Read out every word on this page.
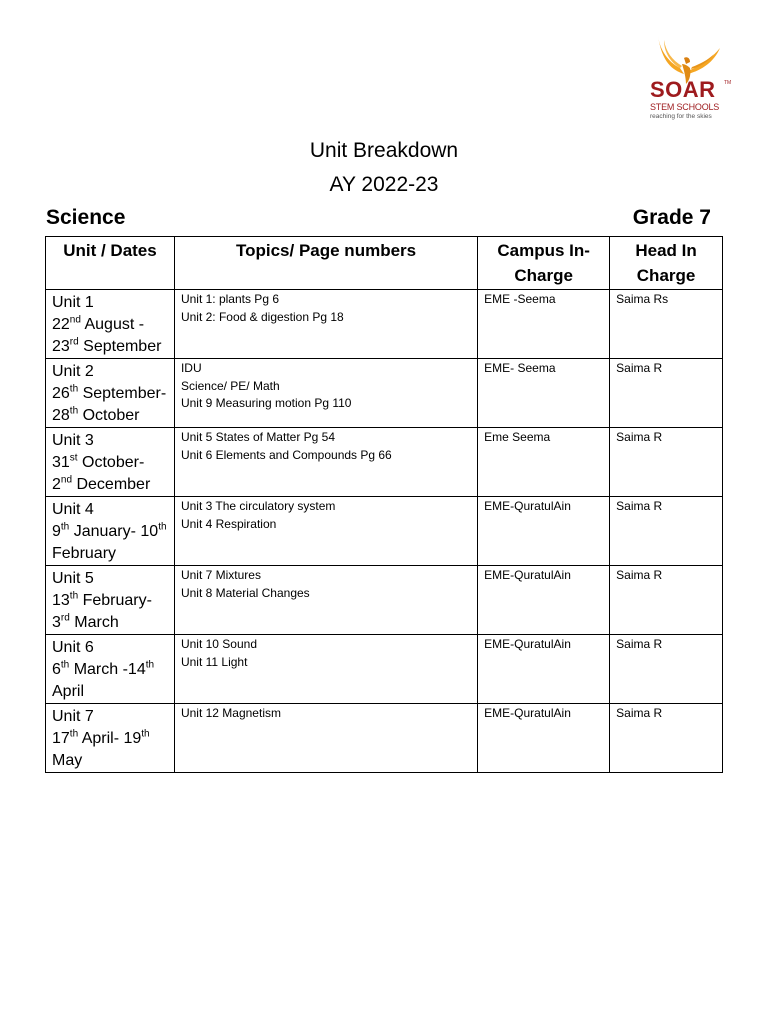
SOAR TM
STEM SCHOOLS
reaching for the skies
Unit Breakdown
AY 2022-23
Science	Grade 7
Unit / Dates	Topics/ Page numbers	Campus In-Charge	Head In Charge

Unit 1
22nd August -
23rd September	Unit 1: plants Pg 6
Unit 2: Food & digestion Pg 18	EME -Seema	Saima Rs

Unit 2
26th September-
28th October	IDU
Science/ PE/ Math
Unit 9 Measuring motion Pg 110	EME- Seema	Saima R

Unit 3
31st October-
2nd December	Unit 5 States of Matter Pg 54
Unit 6 Elements and Compounds Pg 66	Eme Seema	Saima R

Unit 4
9th January- 10th
February	Unit 3 The circulatory system
Unit 4 Respiration	EME-QuratulAin	Saima R

Unit 5
13th February-
3rd March	Unit 7 Mixtures
Unit 8 Material Changes	EME-QuratulAin	Saima R

Unit 6
6th March -14th
April	Unit 10 Sound
Unit 11 Light	EME-QuratulAin	Saima R

Unit 7
17th April- 19th
May	Unit 12 Magnetism	EME-QuratulAin	Saima R
